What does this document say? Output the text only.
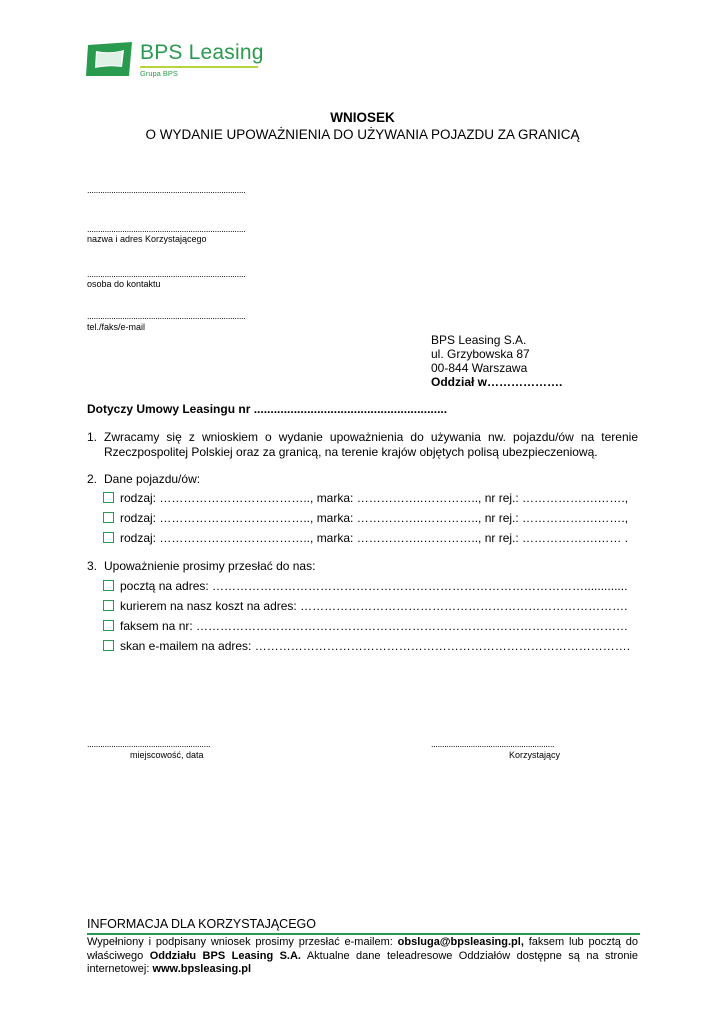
BPS Leasing
Grupa BPS
WNIOSEK
O WYDANIE UPOWAŻNIENIA DO UŻYWANIA POJAZDU ZA GRANICĄ
........................................................................
........................................................................
nazwa i adres Korzystającego
........................................................................
osoba do kontaktu
........................................................................
tel./faks/e-mail
BPS Leasing S.A.
ul. Grzybowska 87
00-844 Warszawa
Oddział w……………….
Dotyczy Umowy Leasingu nr ..........................................................
1. Zwracamy się z wnioskiem o wydanie upoważnienia do używania nw. pojazdu/ów na terenie Rzeczpospolitej Polskiej oraz za granicą, na terenie krajów objętych polisą ubezpieczeniową.
2. Dane pojazdu/ów:
rodzaj: ……………………………….., marka: ……………..………….., nr rej.: ……………….…….,
rodzaj: ……………………………….., marka: ……………..………….., nr rej.: ……………….…….,
rodzaj: ……………………………….., marka: ……………..………….., nr rej.: ……………….…… .
3. Upoważnienie prosimy przesłać do nas:
pocztą na adres: ………………………………………………………………………………….............
kurierem na nasz koszt na adres: ……………………………………………………………………….
faksem na nr: ………………………………………………………………………………………………
skan e-mailem na adres: ………………………………………………………………………………….
........................................................
miejscowość, data
........................................................
Korzystający
INFORMACJA DLA KORZYSTAJĄCEGO
Wypełniony i podpisany wniosek prosimy przesłać e-mailem: obsluga@bpsleasing.pl, faksem lub pocztą do właściwego Oddziału BPS Leasing S.A. Aktualne dane teleadresowe Oddziałów dostępne są na stronie internetowej: www.bpsleasing.pl
